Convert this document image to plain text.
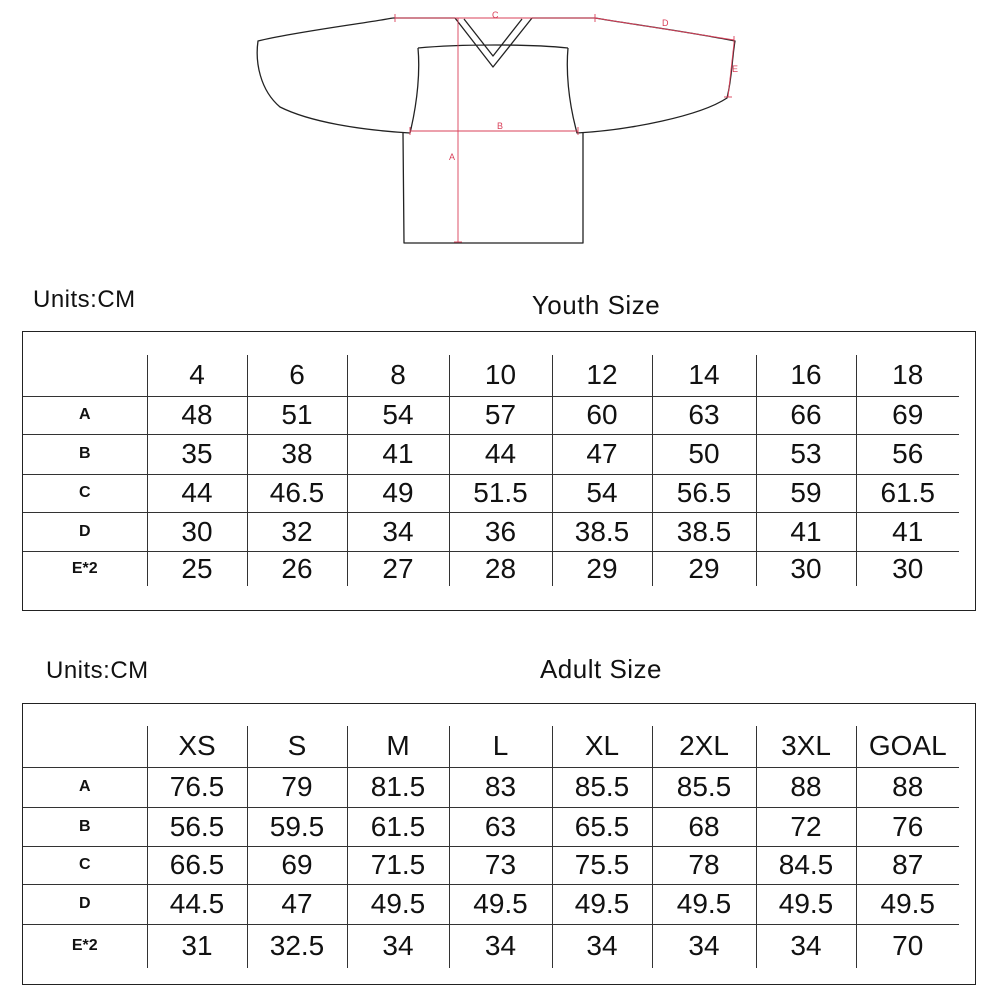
C
D
E
B
A
Units:CM	Youth Size
	4	6	8	10	12	14	16	18
A	48	51	54	57	60	63	66	69
B	35	38	41	44	47	50	53	56
C	44	46.5	49	51.5	54	56.5	59	61.5
D	30	32	34	36	38.5	38.5	41	41
E*2	25	26	27	28	29	29	30	30
Units:CM	Adult Size
	XS	S	M	L	XL	2XL	3XL	GOAL
A	76.5	79	81.5	83	85.5	85.5	88	88
B	56.5	59.5	61.5	63	65.5	68	72	76
C	66.5	69	71.5	73	75.5	78	84.5	87
D	44.5	47	49.5	49.5	49.5	49.5	49.5	49.5
E*2	31	32.5	34	34	34	34	34	70
